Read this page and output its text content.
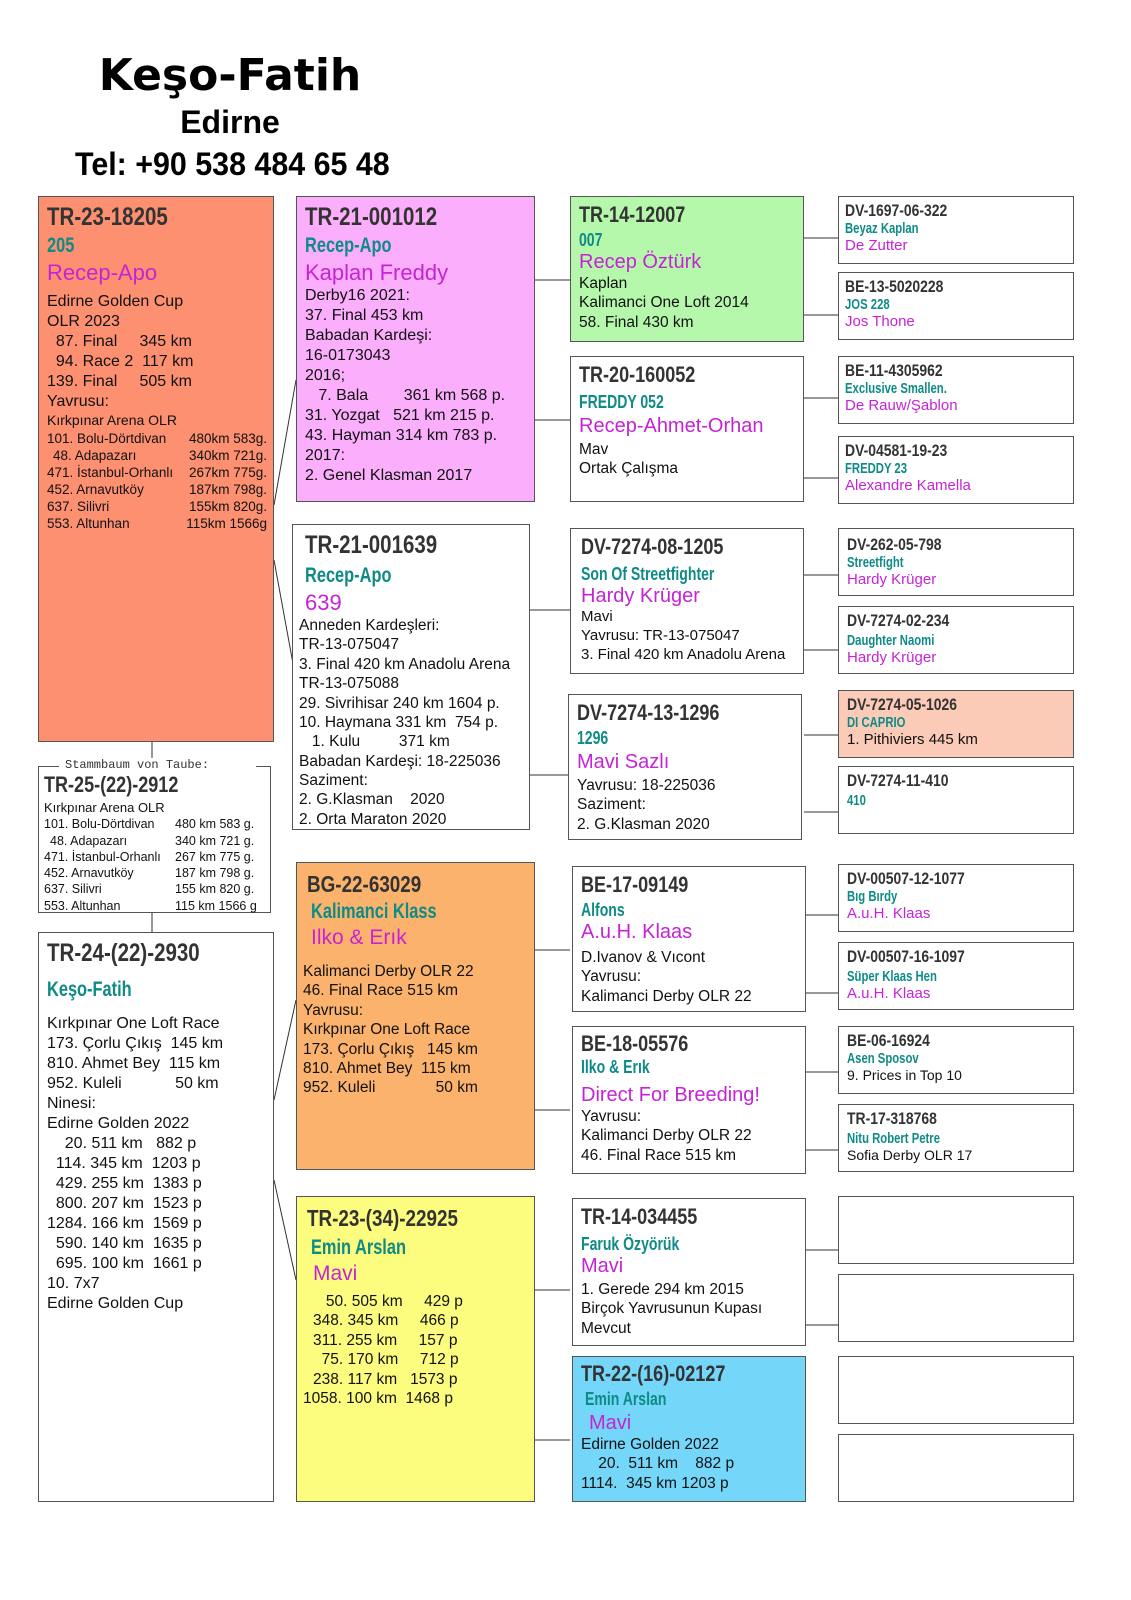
Keşo-Fatih
Edirne
Tel: +90 538 484 65 48
TR-23-18205
205
Recep-Apo
Edirne Golden Cup
OLR 2023
87. Final     345 km
94. Race 2  117 km
139. Final     505 km
Yavrusu:
Kırkpınar Arena OLR
101. Bolu-Dörtdivan 480km 583g.
48. Adapazarı	340km 721g.
471. İstanbul-Orhanlı 267km 775g.
452. Arnavutköy	187km 798g.
637. Silivri	155km 820g.
553. Altunhan	115km 1566g
TR-25-(22)-2912
Kırkpınar Arena OLR
101. Bolu-Dörtdivan 480 km 583 g.
48. Adapazarı	340 km 721 g.
471. İstanbul-Orhanlı 267 km 775 g.
452. Arnavutköy	187 km 798 g.
637. Silivri	155 km 820 g.
553. Altunhan	115 km 1566 g
Stammbaum von Taube:
TR-24-(22)-2930
Keşo-Fatih
Kırkpınar One Loft Race
173. Çorlu Çıkış  145 km
810. Ahmet Bey  115 km
952. Kuleli            50 km
Ninesi:
Edirne Golden 2022
20. 511 km   882 p
114. 345 km  1203 p
429. 255 km  1383 p
800. 207 km  1523 p
1284. 166 km  1569 p
590. 140 km  1635 p
695. 100 km  1661 p
10. 7x7
Edirne Golden Cup
TR-21-001012
Recep-Apo
Kaplan Freddy
Derby16 2021:
37. Final 453 km
Babadan Kardeşi:
16-0173043
2016;
7. Bala        361 km 568 p.
31. Yozgat   521 km 215 p.
43. Hayman 314 km 783 p.
2017:
2. Genel Klasman 2017
TR-21-001639
Recep-Apo
639
Anneden Kardeşleri:
TR-13-075047
3. Final 420 km Anadolu Arena
TR-13-075088
29. Sivrihisar 240 km 1604 p.
10. Haymana 331 km  754 p.
1. Kulu         371 km
Babadan Kardeşi: 18-225036
Saziment:
2. G.Klasman    2020
2. Orta Maraton 2020
BG-22-63029
Kalimanci Klass
Ilko & Erık
Kalimanci Derby OLR 22
46. Final Race 515 km
Yavrusu:
Kırkpınar One Loft Race
173. Çorlu Çıkış   145 km
810. Ahmet Bey  115 km
952. Kuleli              50 km
TR-23-(34)-22925
Emin Arslan
Mavi
50. 505 km     429 p
348. 345 km     466 p
311. 255 km     157 p
75. 170 km     712 p
238. 117 km   1573 p
1058. 100 km  1468 p
TR-14-12007
007
Recep Öztürk
Kaplan
Kalimanci One Loft 2014
58. Final 430 km
TR-20-160052
FREDDY 052
Recep-Ahmet-Orhan
Mav
Ortak Çalışma
DV-7274-08-1205
Son Of Streetfighter
Hardy Krüger
Mavi
Yavrusu: TR-13-075047
3. Final 420 km Anadolu Arena
DV-7274-13-1296
1296
Mavi Sazlı
Yavrusu: 18-225036
Saziment:
2. G.Klasman 2020
BE-17-09149
Alfons
A.u.H. Klaas
D.Ivanov & Vıcont
Yavrusu:
Kalimanci Derby OLR 22
BE-18-05576
Ilko & Erık
Direct For Breeding!
Yavrusu:
Kalimanci Derby OLR 22
46. Final Race 515 km
TR-14-034455
Faruk Özyörük
Mavi
1. Gerede 294 km 2015
Birçok Yavrusunun Kupası
Mevcut
TR-22-(16)-02127
Emin Arslan
Mavi
Edirne Golden 2022
20.  511 km    882 p
1114.  345 km 1203 p
DV-1697-06-322
Beyaz Kaplan
De Zutter
BE-13-5020228
JOS 228
Jos Thone
BE-11-4305962
Exclusive Smallen.
De Rauw/Şablon
DV-04581-19-23
FREDDY 23
Alexandre Kamella
DV-262-05-798
Streetfight
Hardy Krüger
DV-7274-02-234
Daughter Naomi
Hardy Krüger
DV-7274-05-1026
DI CAPRIO
1. Pithiviers 445 km
DV-7274-11-410
410
DV-00507-12-1077
Bıg Bırdy
A.u.H. Klaas
DV-00507-16-1097
Süper Klaas Hen
A.u.H. Klaas
BE-06-16924
Asen Sposov
9. Prices in Top 10
TR-17-318768
Nitu Robert Petre
Sofia Derby OLR 17
